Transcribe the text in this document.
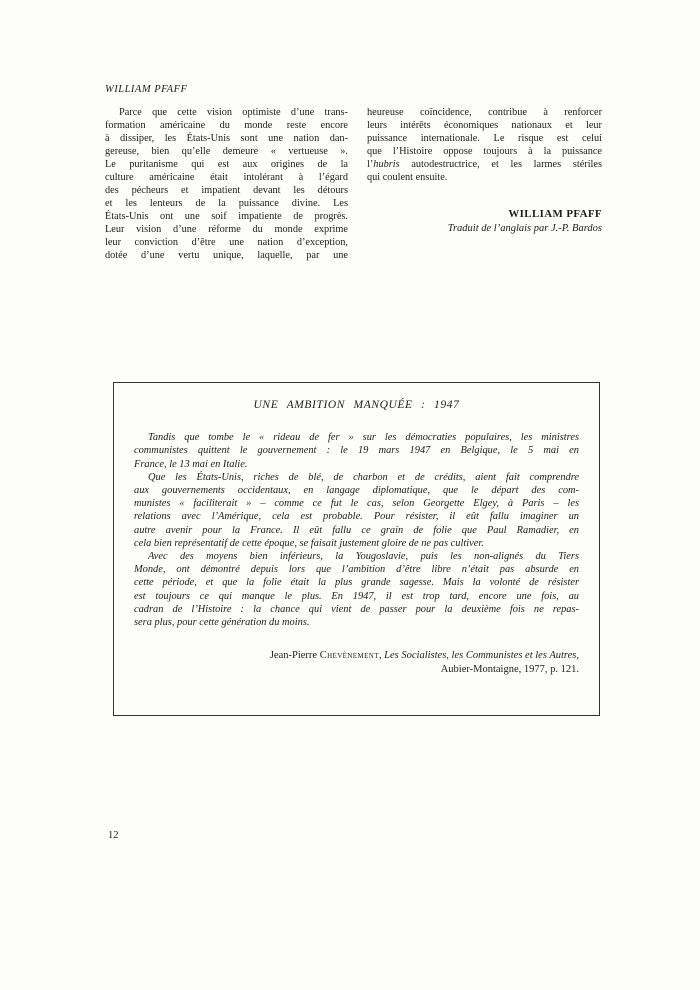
WILLIAM PFAFF
Parce que cette vision optimiste d’une trans-
formation américaine du monde reste encore
à dissiper, les États-Unis sont une nation dan-
gereuse, bien qu’elle demeure « vertueuse ».
Le puritanisme qui est aux origines de la
culture américaine était intolérant à l’égard
des pécheurs et impatient devant les détours
et les lenteurs de la puissance divine. Les
États-Unis ont une soif impatiente de progrès.
Leur vision d’une réforme du monde exprime
leur conviction d’être une nation d’exception,
dotée d’une vertu unique, laquelle, par une
heureuse coïncidence, contribue à renforcer
leurs intérêts économiques nationaux et leur
puissance internationale. Le risque est celui
que l’Histoire oppose toujours à la puissance
l’hubris autodestructrice, et les larmes stériles
qui coulent ensuite.
WILLIAM PFAFF
Traduit de l’anglais par J.-P. Bardos
UNE AMBITION MANQUÉE : 1947
Tandis que tombe le « rideau de fer » sur les démocraties populaires, les ministres
communistes quittent le gouvernement : le 19 mars 1947 en Belgique, le 5 mai en
France, le 13 mai en Italie.
Que les États-Unis, riches de blé, de charbon et de crédits, aient fait comprendre
aux gouvernements occidentaux, en langage diplomatique, que le départ des com-
munistes « faciliterait » – comme ce fut le cas, selon Georgette Elgey, à Paris – les
relations avec l’Amérique, cela est probable. Pour résister, il eût fallu imaginer un
autre avenir pour la France. Il eût fallu ce grain de folie que Paul Ramadier, en
cela bien représentatif de cette époque, se faisait justement gloire de ne pas cultiver.
Avec des moyens bien inférieurs, la Yougoslavie, puis les non-alignés du Tiers
Monde, ont démontré depuis lors que l’ambition d’être libre n’était pas absurde en
cette période, et que la folie était la plus grande sagesse. Mais la volonté de résister
est toujours ce qui manque le plus. En 1947, il est trop tard, encore une fois, au
cadran de l’Histoire : la chance qui vient de passer pour la deuxième fois ne repas-
sera plus, pour cette génération du moins.
Jean-Pierre Chevènement, Les Socialistes, les Communistes et les Autres,
Aubier-Montaigne, 1977, p. 121.
12
